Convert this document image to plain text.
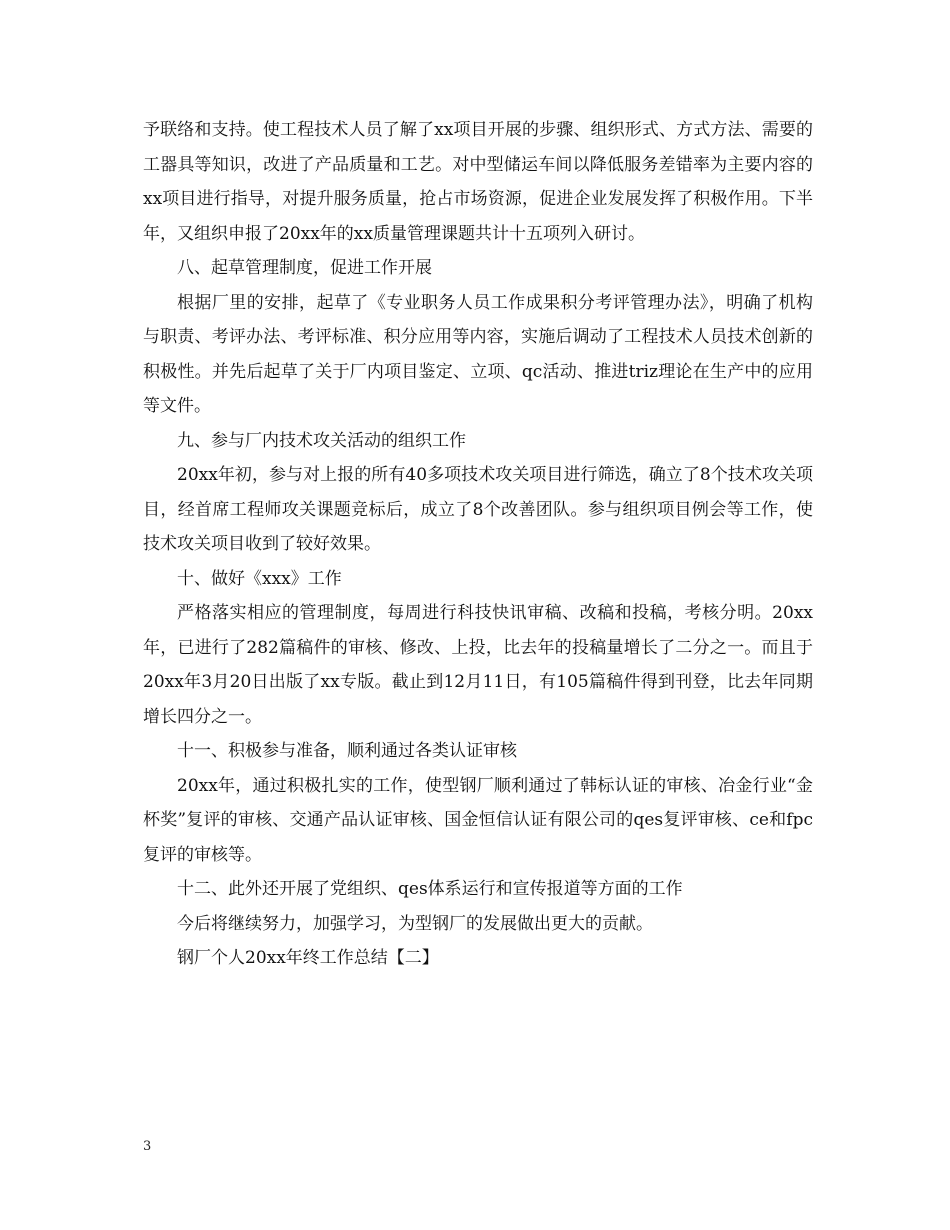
予联络和支持。使工程技术人员了解了xx项目开展的步骤、组织形式、方式方法、需要的工器具等知识，改进了产品质量和工艺。对中型储运车间以降低服务差错率为主要内容的xx项目进行指导，对提升服务质量，抢占市场资源，促进企业发展发挥了积极作用。下半年，又组织申报了20xx年的xx质量管理课题共计十五项列入研讨。

八、起草管理制度，促进工作开展

根据厂里的安排，起草了《专业职务人员工作成果积分考评管理办法》，明确了机构与职责、考评办法、考评标准、积分应用等内容，实施后调动了工程技术人员技术创新的积极性。并先后起草了关于厂内项目鉴定、立项、qc活动、推进triz理论在生产中的应用等文件。

九、参与厂内技术攻关活动的组织工作

20xx年初，参与对上报的所有40多项技术攻关项目进行筛选，确立了8个技术攻关项目，经首席工程师攻关课题竞标后，成立了8个改善团队。参与组织项目例会等工作，使技术攻关项目收到了较好效果。

十、做好《xxx》工作

严格落实相应的管理制度，每周进行科技快讯审稿、改稿和投稿，考核分明。20xx年，已进行了282篇稿件的审核、修改、上投，比去年的投稿量增长了二分之一。而且于20xx年3月20日出版了xx专版。截止到12月11日，有105篇稿件得到刊登，比去年同期增长四分之一。

十一、积极参与准备，顺利通过各类认证审核

20xx年，通过积极扎实的工作，使型钢厂顺利通过了韩标认证的审核、冶金行业“金杯奖”复评的审核、交通产品认证审核、国金恒信认证有限公司的qes复评审核、ce和fpc复评的审核等。

十二、此外还开展了党组织、qes体系运行和宣传报道等方面的工作

今后将继续努力，加强学习，为型钢厂的发展做出更大的贡献。

钢厂个人20xx年终工作总结【二】

3
